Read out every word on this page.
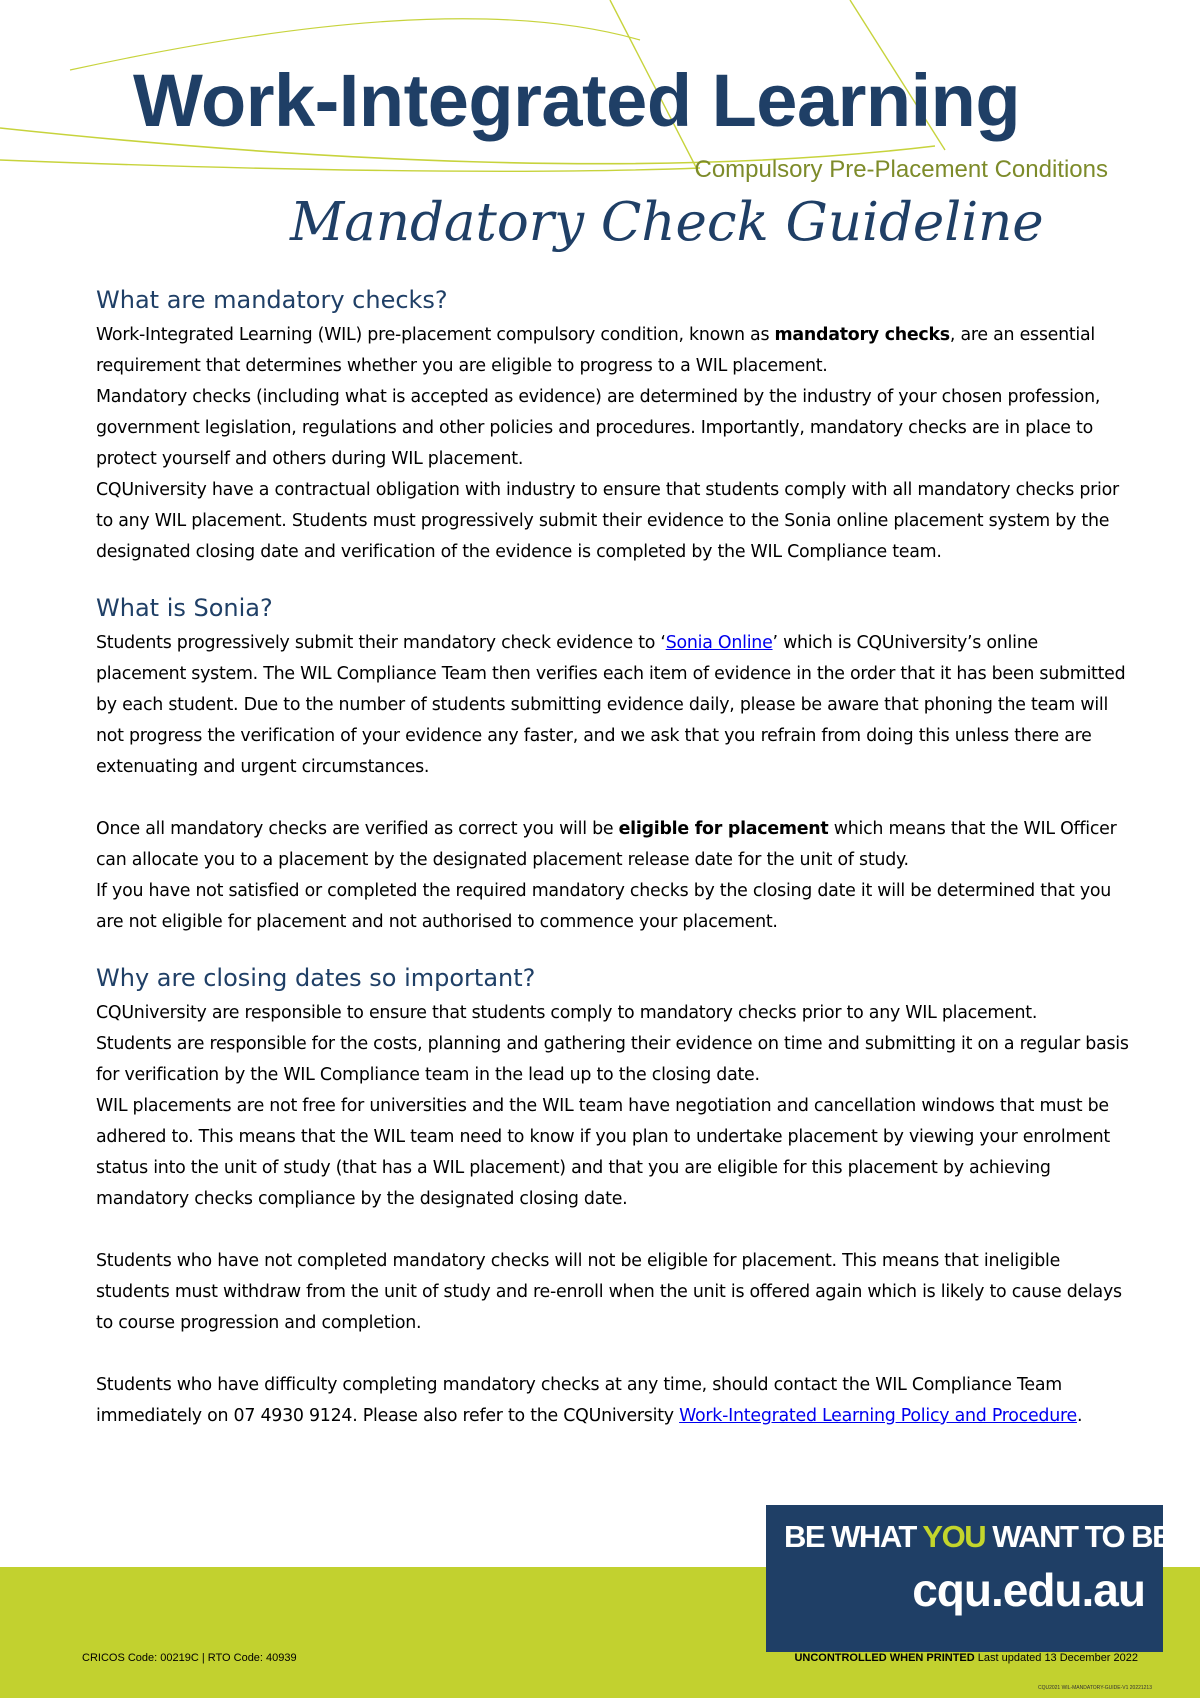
Work-Integrated Learning
Compulsory Pre-Placement Conditions
Mandatory Check Guideline
What are mandatory checks?

Work-Integrated Learning (WIL) pre-placement compulsory condition, known as mandatory checks, are an essential requirement that determines whether you are eligible to progress to a WIL placement.

Mandatory checks (including what is accepted as evidence) are determined by the industry of your chosen profession, government legislation, regulations and other policies and procedures. Importantly, mandatory checks are in place to protect yourself and others during WIL placement.

CQUniversity have a contractual obligation with industry to ensure that students comply with all mandatory checks prior to any WIL placement. Students must progressively submit their evidence to the Sonia online placement system by the designated closing date and verification of the evidence is completed by the WIL Compliance team.

What is Sonia?

Students progressively submit their mandatory check evidence to ‘Sonia Online’ which is CQUniversity’s online placement system. The WIL Compliance Team then verifies each item of evidence in the order that it has been submitted by each student. Due to the number of students submitting evidence daily, please be aware that phoning the team will not progress the verification of your evidence any faster, and we ask that you refrain from doing this unless there are extenuating and urgent circumstances.

Once all mandatory checks are verified as correct you will be eligible for placement which means that the WIL Officer can allocate you to a placement by the designated placement release date for the unit of study.

If you have not satisfied or completed the required mandatory checks by the closing date it will be determined that you are not eligible for placement and not authorised to commence your placement.

Why are closing dates so important?

CQUniversity are responsible to ensure that students comply to mandatory checks prior to any WIL placement.

Students are responsible for the costs, planning and gathering their evidence on time and submitting it on a regular basis for verification by the WIL Compliance team in the lead up to the closing date.

WIL placements are not free for universities and the WIL team have negotiation and cancellation windows that must be adhered to. This means that the WIL team need to know if you plan to undertake placement by viewing your enrolment status into the unit of study (that has a WIL placement) and that you are eligible for this placement by achieving mandatory checks compliance by the designated closing date.

Students who have not completed mandatory checks will not be eligible for placement. This means that ineligible students must withdraw from the unit of study and re-enroll when the unit is offered again which is likely to cause delays to course progression and completion.

Students who have difficulty completing mandatory checks at any time, should contact the WIL Compliance Team immediately on 07 4930 9124. Please also refer to the CQUniversity Work-Integrated Learning Policy and Procedure.

BE WHAT YOU WANT TO BE
cqu.edu.au
CRICOS Code: 00219C | RTO Code: 40939	UNCONTROLLED WHEN PRINTED Last updated 13 December 2022
CQU2021 WIL-MANDATORY-GUIDE-V1 20221213
